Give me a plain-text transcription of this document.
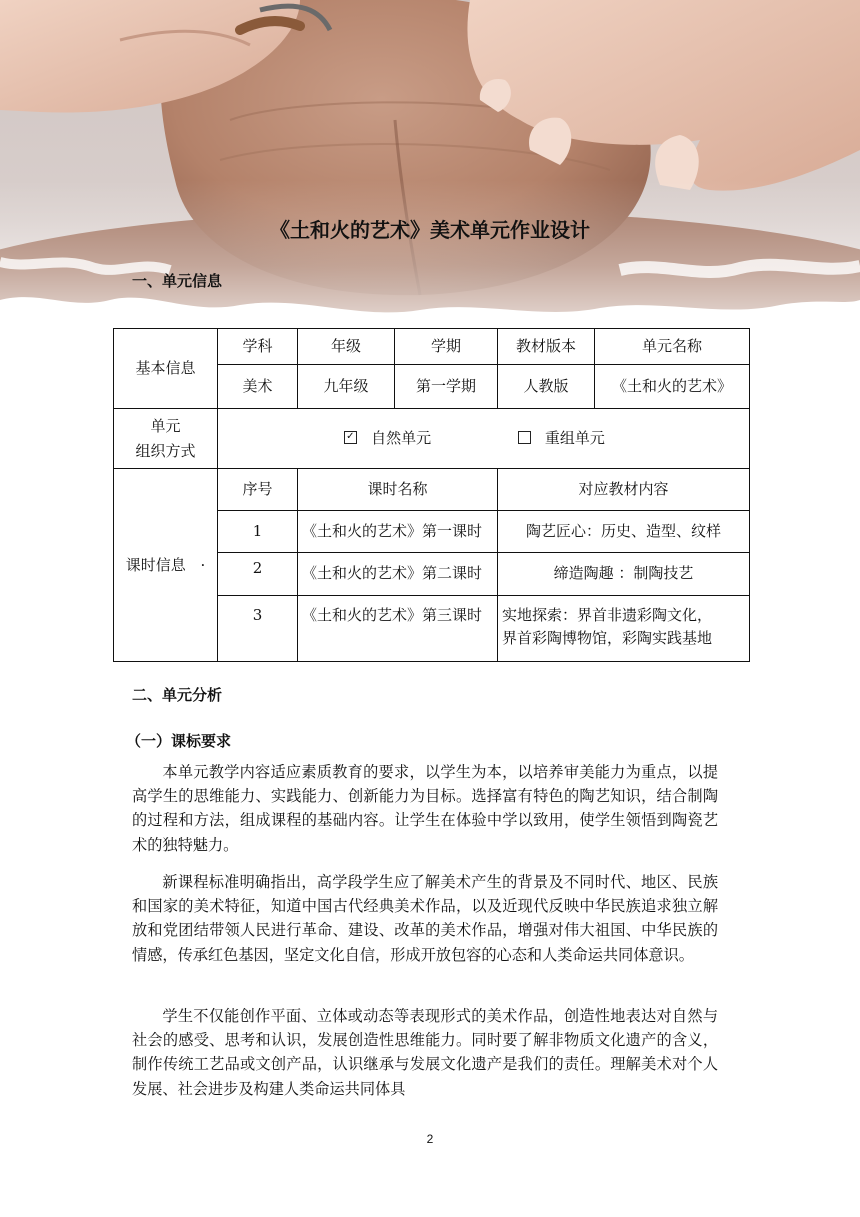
《土和火的艺术》美术单元作业设计
一、单元信息
基本信息	学科	年级	学期	教材版本	单元名称
	美术	九年级	第一学期	人教版	《土和火的艺术》

单元
组织方式
	✓自然单元 重组单元
课时信息 ·	序号	课时名称		对应教材内容	
	1	《土和火的艺术》第一课时		陶艺匠心：历史、造型、纹样	
	2	《土和火的艺术》第二课时		缔造陶趣 ：制陶技艺	
	3	《土和火的艺术》第三课时		实地探索：界首非遗彩陶文化，
界首彩陶博物馆，彩陶实践基地	
二、单元分析
（一）课标要求

本单元教学内容适应素质教育的要求，以学生为本，以培养审美能力为重点，以提高学生的思维能力、实践能力、创新能力为目标。选择富有特色的陶艺知识，结合制陶的过程和方法，组成课程的基础内容。让学生在体验中学以致用，使学生领悟到陶瓷艺术的独特魅力。

新课程标准明确指出，高学段学生应了解美术产生的背景及不同时代、地区、民族和国家的美术特征，知道中国古代经典美术作品，以及近现代反映中华民族追求独立解放和党团结带领人民进行革命、建设、改革的美术作品，增强对伟大祖国、中华民族的情感，传承红色基因，坚定文化自信，形成开放包容的心态和人类命运共同体意识。

学生不仅能创作平面、立体或动态等表现形式的美术作品，创造性地表达对自然与社会的感受、思考和认识，发展创造性思维能力。同时要了解非物质文化遗产的含义，制作传统工艺品或文创产品，认识继承与发展文化遗产是我们的责任。理解美术对个人发展、社会进步及构建人类命运共同体具

2
